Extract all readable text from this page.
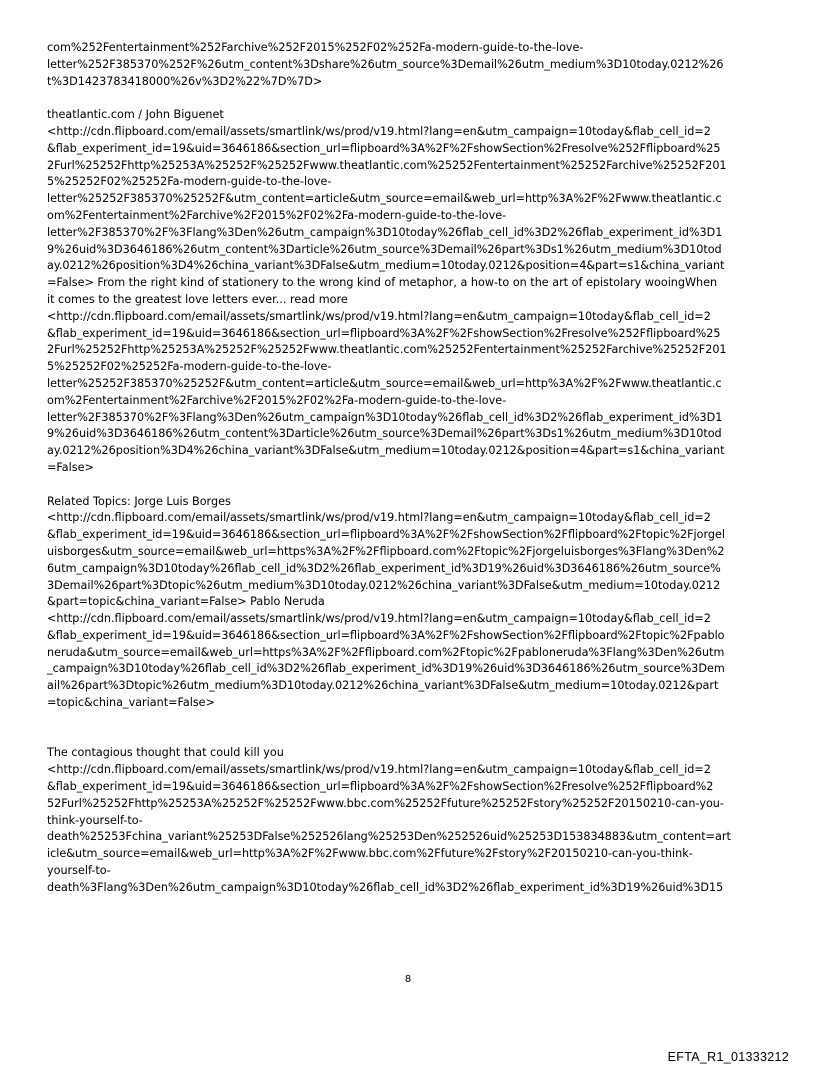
com%252Fentertainment%252Farchive%252F2015%252F02%252Fa-modern-guide-to-the-love-
letter%252F385370%252F%26utm_content%3Dshare%26utm_source%3Demail%26utm_medium%3D10today.0212%26
t%3D1423783418000%26v%3D2%22%7D%7D>
theatlantic.com / John Biguenet
<http://cdn.flipboard.com/email/assets/smartlink/ws/prod/v19.html?lang=en&utm_campaign=10today&flab_cell_id=2
&flab_experiment_id=19&uid=3646186&section_url=flipboard%3A%2F%2FshowSection%2Fresolve%252Fflipboard%25
2Furl%25252Fhttp%25253A%25252F%25252Fwww.theatlantic.com%25252Fentertainment%25252Farchive%25252F201
5%25252F02%25252Fa-modern-guide-to-the-love-
letter%25252F385370%25252F&utm_content=article&utm_source=email&web_url=http%3A%2F%2Fwww.theatlantic.c
om%2Fentertainment%2Farchive%2F2015%2F02%2Fa-modern-guide-to-the-love-
letter%2F385370%2F%3Flang%3Den%26utm_campaign%3D10today%26flab_cell_id%3D2%26flab_experiment_id%3D1
9%26uid%3D3646186%26utm_content%3Darticle%26utm_source%3Demail%26part%3Ds1%26utm_medium%3D10tod
ay.0212%26position%3D4%26china_variant%3DFalse&utm_medium=10today.0212&position=4&part=s1&china_variant
=False> From the right kind of stationery to the wrong kind of metaphor, a how-to on the art of epistolary wooingWhen
it comes to the greatest love letters ever... read more
<http://cdn.flipboard.com/email/assets/smartlink/ws/prod/v19.html?lang=en&utm_campaign=10today&flab_cell_id=2
&flab_experiment_id=19&uid=3646186&section_url=flipboard%3A%2F%2FshowSection%2Fresolve%252Fflipboard%25
2Furl%25252Fhttp%25253A%25252F%25252Fwww.theatlantic.com%25252Fentertainment%25252Farchive%25252F201
5%25252F02%25252Fa-modern-guide-to-the-love-
letter%25252F385370%25252F&utm_content=article&utm_source=email&web_url=http%3A%2F%2Fwww.theatlantic.c
om%2Fentertainment%2Farchive%2F2015%2F02%2Fa-modern-guide-to-the-love-
letter%2F385370%2F%3Flang%3Den%26utm_campaign%3D10today%26flab_cell_id%3D2%26flab_experiment_id%3D1
9%26uid%3D3646186%26utm_content%3Darticle%26utm_source%3Demail%26part%3Ds1%26utm_medium%3D10tod
ay.0212%26position%3D4%26china_variant%3DFalse&utm_medium=10today.0212&position=4&part=s1&china_variant
=False>
Related Topics: Jorge Luis Borges
<http://cdn.flipboard.com/email/assets/smartlink/ws/prod/v19.html?lang=en&utm_campaign=10today&flab_cell_id=2
&flab_experiment_id=19&uid=3646186&section_url=flipboard%3A%2F%2FshowSection%2Fflipboard%2Ftopic%2Fjorgel
uisborges&utm_source=email&web_url=https%3A%2F%2Fflipboard.com%2Ftopic%2Fjorgeluisborges%3Flang%3Den%2
6utm_campaign%3D10today%26flab_cell_id%3D2%26flab_experiment_id%3D19%26uid%3D3646186%26utm_source%
3Demail%26part%3Dtopic%26utm_medium%3D10today.0212%26china_variant%3DFalse&utm_medium=10today.0212
&part=topic&china_variant=False> Pablo Neruda
<http://cdn.flipboard.com/email/assets/smartlink/ws/prod/v19.html?lang=en&utm_campaign=10today&flab_cell_id=2
&flab_experiment_id=19&uid=3646186&section_url=flipboard%3A%2F%2FshowSection%2Fflipboard%2Ftopic%2Fpablo
neruda&utm_source=email&web_url=https%3A%2F%2Fflipboard.com%2Ftopic%2Fpabloneruda%3Flang%3Den%26utm
_campaign%3D10today%26flab_cell_id%3D2%26flab_experiment_id%3D19%26uid%3D3646186%26utm_source%3Dem
ail%26part%3Dtopic%26utm_medium%3D10today.0212%26china_variant%3DFalse&utm_medium=10today.0212&part
=topic&china_variant=False>
The contagious thought that could kill you
<http://cdn.flipboard.com/email/assets/smartlink/ws/prod/v19.html?lang=en&utm_campaign=10today&flab_cell_id=2
&flab_experiment_id=19&uid=3646186&section_url=flipboard%3A%2F%2FshowSection%2Fresolve%252Fflipboard%2
52Furl%25252Fhttp%25253A%25252F%25252Fwww.bbc.com%25252Ffuture%25252Fstory%25252F20150210-can-you-
think-yourself-to-
death%25253Fchina_variant%25253DFalse%252526lang%25253Den%252526uid%25253D153834883&utm_content=art
icle&utm_source=email&web_url=http%3A%2F%2Fwww.bbc.com%2Ffuture%2Fstory%2F20150210-can-you-think-
yourself-to-
death%3Flang%3Den%26utm_campaign%3D10today%26flab_cell_id%3D2%26flab_experiment_id%3D19%26uid%3D15
8
EFTA_R1_01333212
